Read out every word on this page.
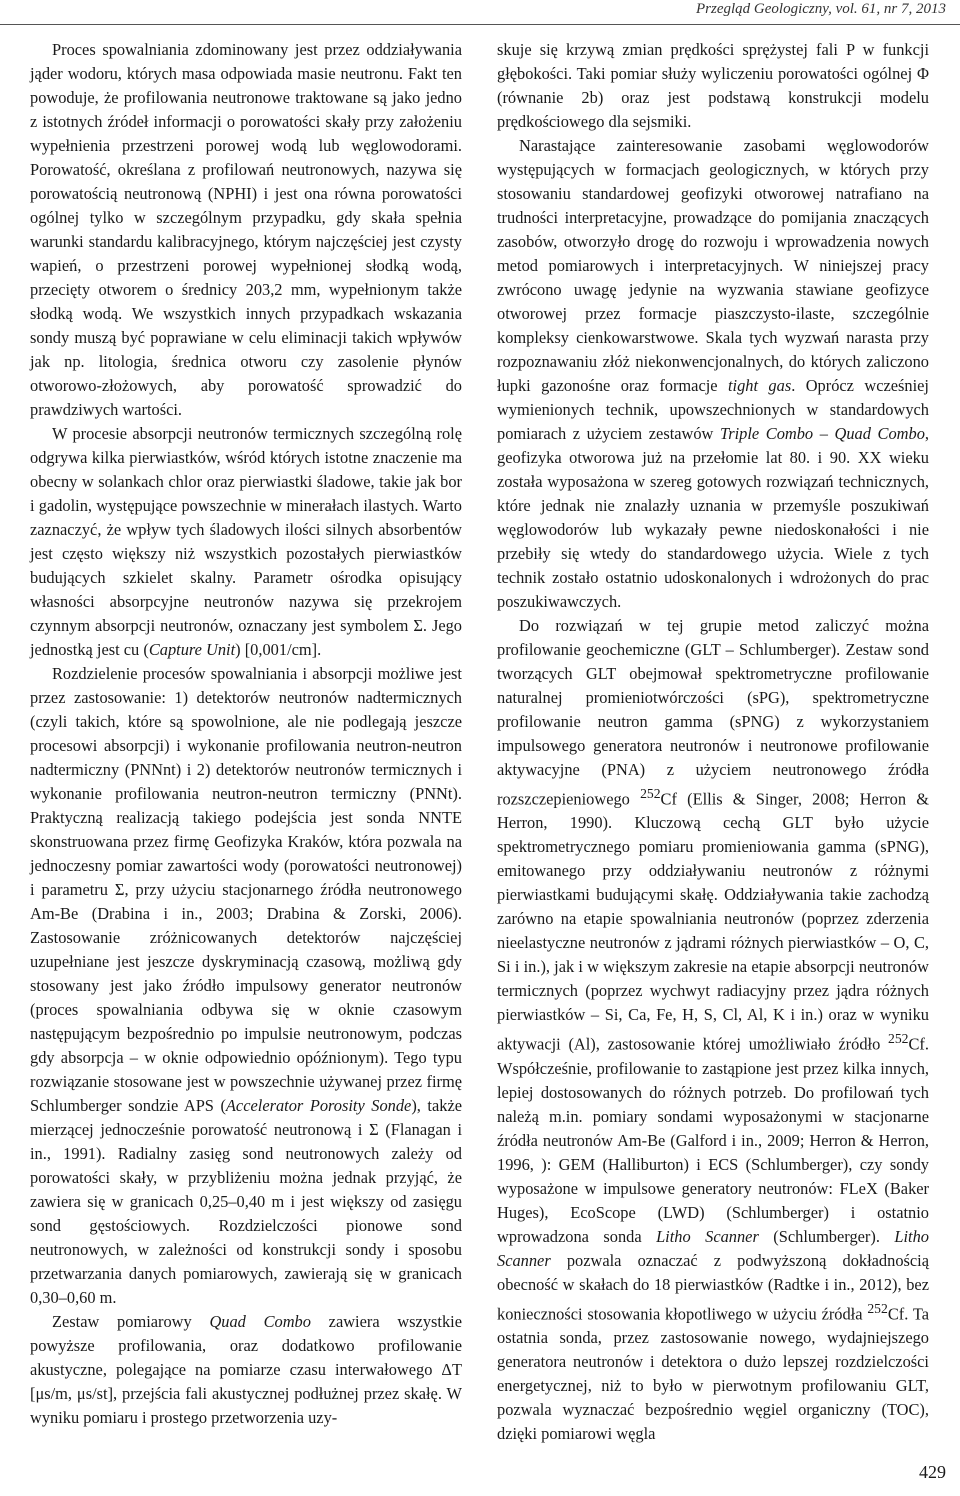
Przegląd Geologiczny, vol. 61, nr 7, 2013

Proces spowalniania zdominowany jest przez oddziaływania jąder wodoru, których masa odpowiada masie neutronu. Fakt ten powoduje, że profilowania neutronowe traktowane są jako jedno z istotnych źródeł informacji o porowatości skały przy założeniu wypełnienia przestrzeni porowej wodą lub węglowodorami. Porowatość, określana z profilowań neutronowych, nazywa się porowatością neutronową (NPHI) i jest ona równa porowatości ogólnej tylko w szczególnym przypadku, gdy skała spełnia warunki standardu kalibracyjnego, którym najczęściej jest czysty wapień, o przestrzeni porowej wypełnionej słodką wodą, przecięty otworem o średnicy 203,2 mm, wypełnionym także słodką wodą. We wszystkich innych przypadkach wskazania sondy muszą być poprawiane w celu eliminacji takich wpływów jak np. litologia, średnica otworu czy zasolenie płynów otworowo-złożowych, aby porowatość sprowadzić do prawdziwych wartości.

W procesie absorpcji neutronów termicznych szczególną rolę odgrywa kilka pierwiastków, wśród których istotne znaczenie ma obecny w solankach chlor oraz pierwiastki śladowe, takie jak bor i gadolin, występujące powszechnie w minerałach ilastych. Warto zaznaczyć, że wpływ tych śladowych ilości silnych absorbentów jest często większy niż wszystkich pozostałych pierwiastków budujących szkielet skalny. Parametr ośrodka opisujący własności absorpcyjne neutronów nazywa się przekrojem czynnym absorpcji neutronów, oznaczany jest symbolem Σ. Jego jednostką jest cu (Capture Unit) [0,001/cm].

Rozdzielenie procesów spowalniania i absorpcji możliwe jest przez zastosowanie: 1) detektorów neutronów nadtermicznych (czyli takich, które są spowolnione, ale nie podlegają jeszcze procesowi absorpcji) i wykonanie profilowania neutron-neutron nadtermiczny (PNNnt) i 2) detektorów neutronów termicznych i wykonanie profilowania neutron-neutron termiczny (PNNt). Praktyczną realizacją takiego podejścia jest sonda NNTE skonstruowana przez firmę Geofizyka Kraków, która pozwala na jednoczesny pomiar zawartości wody (porowatości neutronowej) i parametru Σ, przy użyciu stacjonarnego źródła neutronowego Am-Be (Drabina i in., 2003; Drabina & Zorski, 2006). Zastosowanie zróżnicowanych detektorów najczęściej uzupełniane jest jeszcze dyskryminacją czasową, możliwą gdy stosowany jest jako źródło impulsowy generator neutronów (proces spowalniania odbywa się w oknie czasowym następującym bezpośrednio po impulsie neutronowym, podczas gdy absorpcja – w oknie odpowiednio opóźnionym). Tego typu rozwiązanie stosowane jest w powszechnie używanej przez firmę Schlumberger sondzie APS (Accelerator Porosity Sonde), także mierzącej jednocześnie porowatość neutronową i Σ (Flanagan i in., 1991). Radialny zasięg sond neutronowych zależy od porowatości skały, w przybliżeniu można jednak przyjąć, że zawiera się w granicach 0,25–0,40 m i jest większy od zasięgu sond gęstościowych. Rozdzielczości pionowe sond neutronowych, w zależności od konstrukcji sondy i sposobu przetwarzania danych pomiarowych, zawierają się w granicach 0,30–0,60 m.

Zestaw pomiarowy Quad Combo zawiera wszystkie powyższe profilowania, oraz dodatkowo profilowanie akustyczne, polegające na pomiarze czasu interwałowego ΔT [μs/m, μs/st], przejścia fali akustycznej podłużnej przez skałę. W wyniku pomiaru i prostego przetworzenia uzy-

skuje się krzywą zmian prędkości sprężystej fali P w funkcji głębokości. Taki pomiar służy wyliczeniu porowatości ogólnej Φ (równanie 2b) oraz jest podstawą konstrukcji modelu prędkościowego dla sejsmiki.

Narastające zainteresowanie zasobami węglowodorów występujących w formacjach geologicznych, w których przy stosowaniu standardowej geofizyki otworowej natrafiano na trudności interpretacyjne, prowadzące do pomijania znaczących zasobów, otworzyło drogę do rozwoju i wprowadzenia nowych metod pomiarowych i interpretacyjnych. W niniejszej pracy zwrócono uwagę jedynie na wyzwania stawiane geofizyce otworowej przez formacje piaszczysto-ilaste, szczególnie kompleksy cienkowarstwowe. Skala tych wyzwań narasta przy rozpoznawaniu złóż niekonwencjonalnych, do których zaliczono łupki gazonośne oraz formacje tight gas. Oprócz wcześniej wymienionych technik, upowszechnionych w standardowych pomiarach z użyciem zestawów Triple Combo – Quad Combo, geofizyka otworowa już na przełomie lat 80. i 90. XX wieku została wyposażona w szereg gotowych rozwiązań technicznych, które jednak nie znalazły uznania w przemyśle poszukiwań węglowodorów lub wykazały pewne niedoskonałości i nie przebiły się wtedy do standardowego użycia. Wiele z tych technik zostało ostatnio udoskonalonych i wdrożonych do prac poszukiwawczych.

Do rozwiązań w tej grupie metod zaliczyć można profilowanie geochemiczne (GLT – Schlumberger). Zestaw sond tworzących GLT obejmował spektrometryczne profilowanie naturalnej promieniotwórczości (sPG), spektrometryczne profilowanie neutron gamma (sPNG) z wykorzystaniem impulsowego generatora neutronów i neutronowe profilowanie aktywacyjne (PNA) z użyciem neutronowego źródła rozszczepieniowego $^{252}$Cf (Ellis & Singer, 2008; Herron & Herron, 1990). Kluczową cechą GLT było użycie spektrometrycznego pomiaru promieniowania gamma (sPNG), emitowanego przy oddziaływaniu neutronów z różnymi pierwiastkami budującymi skałę. Oddziaływania takie zachodzą zarówno na etapie spowalniania neutronów (poprzez zderzenia nieelastyczne neutronów z jądrami różnych pierwiastków – O, C, Si i in.), jak i w większym zakresie na etapie absorpcji neutronów termicznych (poprzez wychwyt radiacyjny przez jądra różnych pierwiastków – Si, Ca, Fe, H, S, Cl, Al, K i in.) oraz w wyniku aktywacji (Al), zastosowanie której umożliwiało źródło $^{252}$Cf. Współcześnie, profilowanie to zastąpione jest przez kilka innych, lepiej dostosowanych do różnych potrzeb. Do profilowań tych należą m.in. pomiary sondami wyposażonymi w stacjonarne źródła neutronów Am-Be (Galford i in., 2009; Herron & Herron, 1996, ): GEM (Halliburton) i ECS (Schlumberger), czy sondy wyposażone w impulsowe generatory neutronów: FLeX (Baker Huges), EcoScope (LWD) (Schlumberger) i ostatnio wprowadzona sonda Litho Scanner (Schlumberger). Litho Scanner pozwala oznaczać z podwyższoną dokładnością obecność w skałach do 18 pierwiastków (Radtke i in., 2012), bez konieczności stosowania kłopotliwego w użyciu źródła $^{252}$Cf. Ta ostatnia sonda, przez zastosowanie nowego, wydajniejszego generatora neutronów i detektora o dużo lepszej rozdzielczości energetycznej, niż to było w pierwotnym profilowaniu GLT, pozwala wyznaczać bezpośrednio węgiel organiczny (TOC), dzięki pomiarowi węgla

429
